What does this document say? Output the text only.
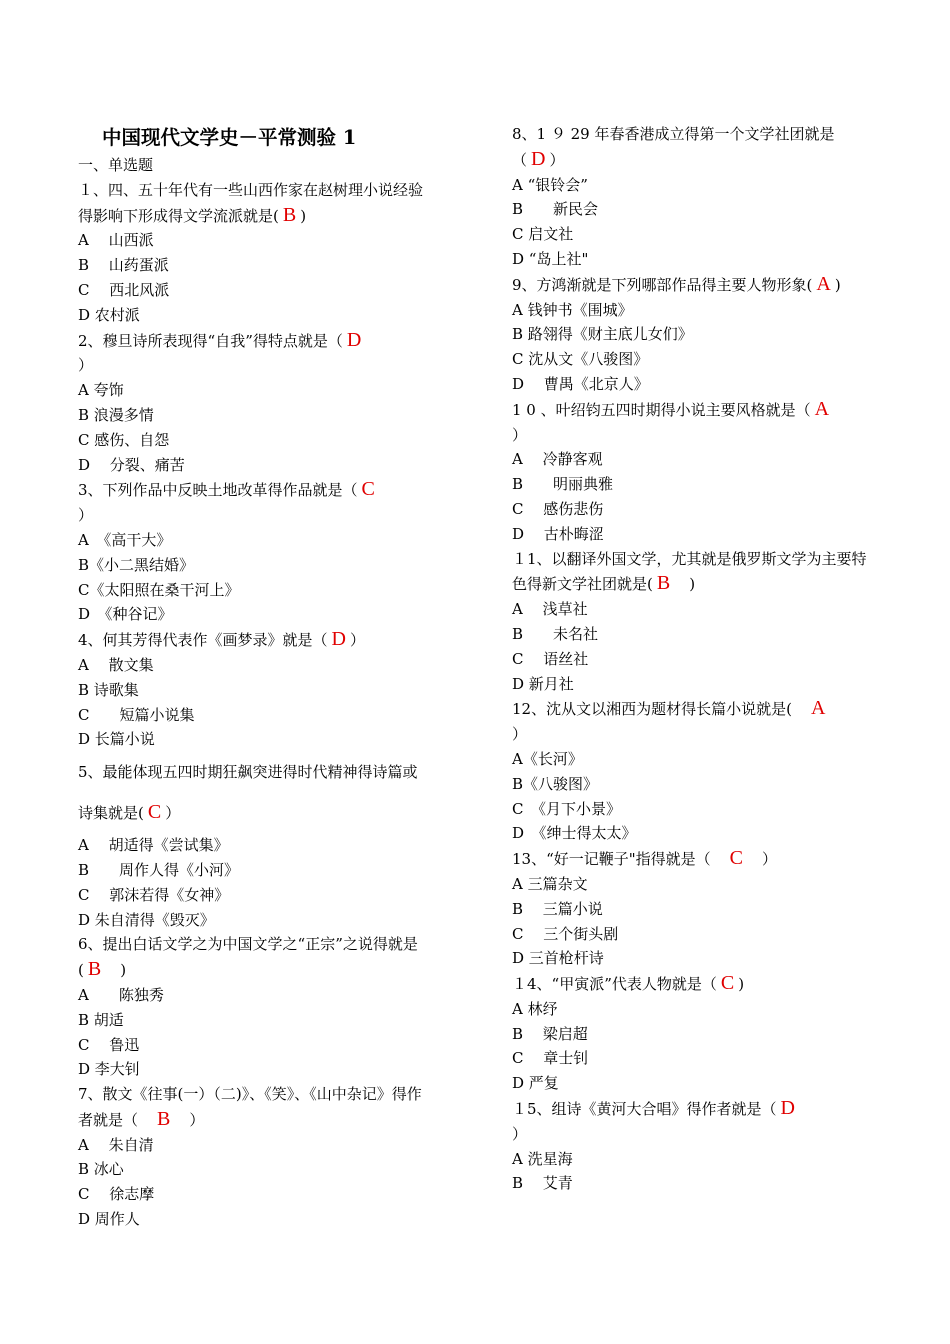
中国现代文学史－平常测验 1
一、单选题
１、四、五十年代有一些山西作家在赵树理小说经验得影响下形成得文学流派就是( B )
A　 山西派
B　 山药蛋派
C　 西北风派
D 农村派
2、穆旦诗所表现得“自我”得特点就是（ D
）
A 夸饰
B 浪漫多情
C 感伤、自怨
D　 分裂、痛苦
3、下列作品中反映土地改革得作品就是（ C
）
A　《高干大》
B《小二黑结婚》
C《太阳照在桑干河上》
D　《种谷记》
4、何其芳得代表作《画梦录》就是（ D ）
A　 散文集
B 诗歌集
C　　短篇小说集
D 长篇小说
5、最能体现五四时期狂飙突进得时代精神得诗篇或诗集就是( C ）
A　 胡适得《尝试集》
B　　周作人得《小河》
C　 郭沫若得《女神》
D 朱自清得《毁灭》
6、提出白话文学之为中国文学之“正宗”之说得就是( B　)
A　　陈独秀
B 胡适
C　 鲁迅
D 李大钊
7、散文《往事(一）（二)》、《笑》、《山中杂记》得作者就是（　B　）
A　 朱自清
B 冰心
C　 徐志摩
D 周作人
8、1 ９ 29 年春香港成立得第一个文学社团就是（ D ）
A “银铃会”
B　　新民会
C 启文社
D “岛上社"
9、方鸿渐就是下列哪部作品得主要人物形象( A )
A 钱钟书《围城》
B 路翎得《财主底儿女们》
C 沈从文《八骏图》
D　 曹禺《北京人》
1 0 、叶绍钧五四时期得小说主要风格就是（ A
）
A　 冷静客观
B　　明丽典雅
C　 感伤悲伤
D　 古朴晦涩
１1、以翻译外国文学，尤其就是俄罗斯文学为主要特色得新文学社团就是( B　)
A　 浅草社
B　　未名社
C　 语丝社
D 新月社
12、沈从文以湘西为题材得长篇小说就是(　A
）
A《长河》
B《八骏图》
C　《月下小景》
D　《绅士得太太》
13、“好一记鞭子"指得就是（　C　）
A 三篇杂文
B　 三篇小说
C　 三个街头剧
D 三首枪杆诗
１4、“甲寅派”代表人物就是（ C )
A 林纾
B　 梁启超
C　 章士钊
D 严复
１5、组诗《黄河大合唱》得作者就是（ D
）
A 洗星海
B　 艾青
